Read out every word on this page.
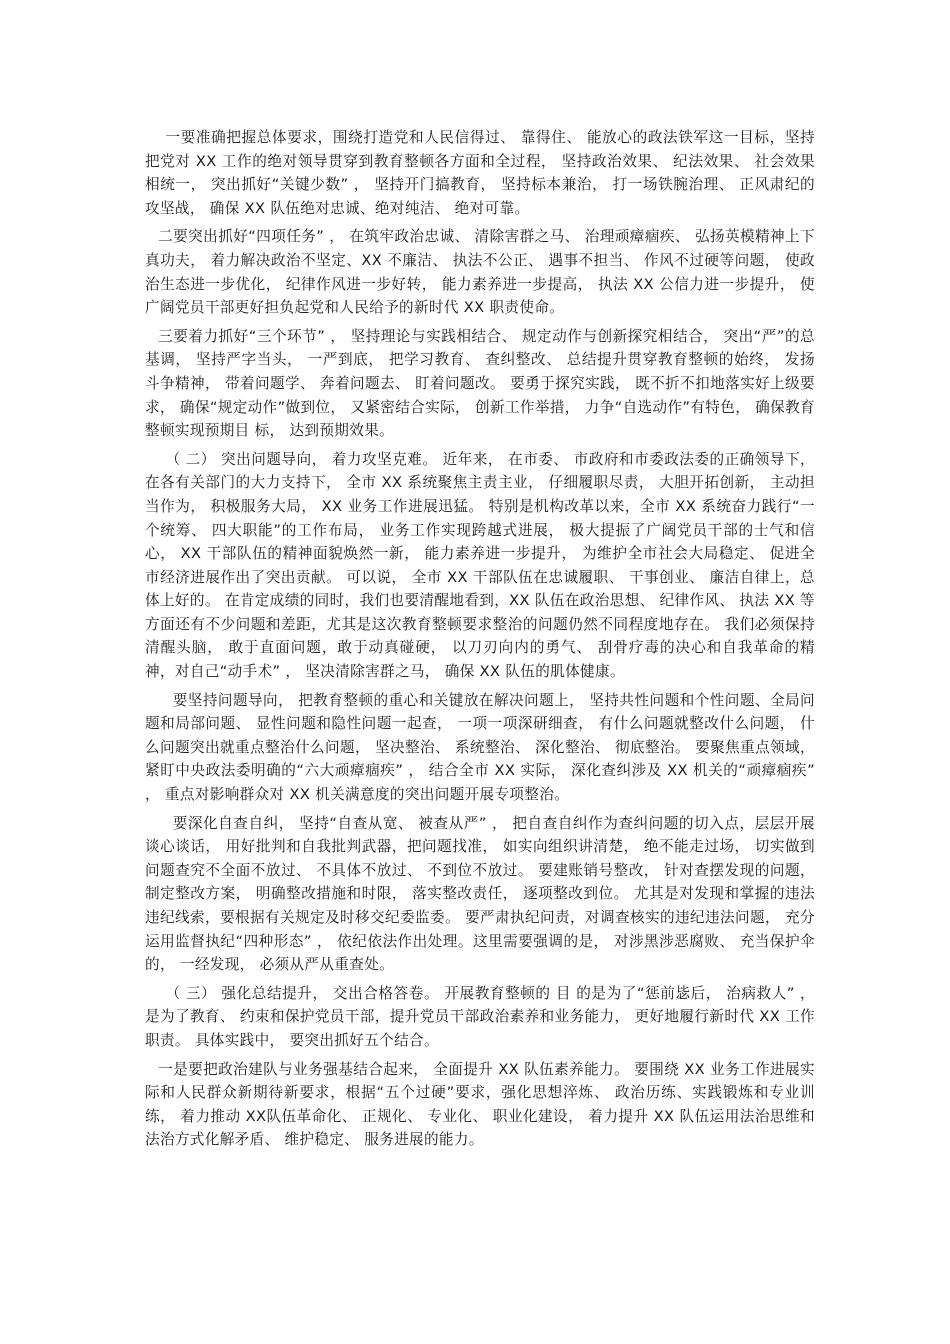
一要准确把握总体要求，围绕打造党和人民信得过、 靠得住、 能放心的政法铁军这一目标，坚持把党对 XX 工作的绝对领导贯穿到教育整顿各方面和全过程， 坚持政治效果、 纪法效果、 社会效果相统一， 突出抓好“关键少数” ， 坚持开门搞教育， 坚持标本兼治， 打一场铁腕治理、 正风肃纪的攻坚战， 确保 XX 队伍绝对忠诚、绝对纯洁、 绝对可靠。

二要突出抓好“四项任务” ， 在筑牢政治忠诚、 清除害群之马、 治理顽瘴痼疾、 弘扬英模精神上下真功夫， 着力解决政治不坚定、XX 不廉洁、 执法不公正、 遇事不担当、 作风不过硬等问题， 使政治生态进一步优化， 纪律作风进一步好转， 能力素养进一步提高， 执法 XX 公信力进一步提升， 使广阔党员干部更好担负起党和人民给予的新时代 XX 职责使命。

三要着力抓好“三个环节” ， 坚持理论与实践相结合、 规定动作与创新探究相结合， 突出“严”的总基调， 坚持严字当头， 一严到底， 把学习教育、 查纠整改、 总结提升贯穿教育整顿的始终， 发扬斗争精神， 带着问题学、 奔着问题去、 盯着问题改。 要勇于探究实践， 既不折不扣地落实好上级要求， 确保“规定动作”做到位， 又紧密结合实际， 创新工作举措， 力争“自选动作”有特色， 确保教育整顿实现预期目 标， 达到预期效果。

（ 二） 突出问题导向， 着力攻坚克难。 近年来， 在市委、 市政府和市委政法委的正确领导下， 在各有关部门的大力支持下， 全市 XX 系统聚焦主责主业， 仔细履职尽责， 大胆开拓创新， 主动担当作为， 积极服务大局， XX 业务工作进展迅猛。 特别是机构改革以来，全市 XX 系统奋力践行“一个统筹、 四大职能”的工作布局， 业务工作实现跨越式进展， 极大提振了广阔党员干部的士气和信心， XX 干部队伍的精神面貌焕然一新， 能力素养进一步提升， 为维护全市社会大局稳定、 促进全市经济进展作出了突出贡献。 可以说， 全市 XX 干部队伍在忠诚履职、 干事创业、 廉洁自律上，总体上好的。 在肯定成绩的同时，我们也要清醒地看到，XX 队伍在政治思想、 纪律作风、 执法 XX 等方面还有不少问题和差距，尤其是这次教育整顿要求整治的问题仍然不同程度地存在。 我们必须保持清醒头脑， 敢于直面问题，敢于动真碰硬， 以刀刃向内的勇气、 刮骨疗毒的决心和自我革命的精神，对自己“动手术” ， 坚决清除害群之马， 确保 XX 队伍的肌体健康。

要坚持问题导向， 把教育整顿的重心和关键放在解决问题上， 坚持共性问题和个性问题、全局问题和局部问题、 显性问题和隐性问题一起查， 一项一项深研细查， 有什么问题就整改什么问题， 什么问题突出就重点整治什么问题， 坚决整治、 系统整治、 深化整治、 彻底整治。 要聚焦重点领域， 紧盯中央政法委明确的“六大顽瘴痼疾” ， 结合全市 XX 实际， 深化查纠涉及 XX 机关的“顽瘴痼疾” ， 重点对影响群众对 XX 机关满意度的突出问题开展专项整治。

要深化自查自纠， 坚持“自查从宽、 被查从严” ， 把自查自纠作为查纠问题的切入点，层层开展谈心谈话， 用好批判和自我批判武器，把问题找准， 如实向组织讲清楚， 绝不能走过场， 切实做到问题查究不全面不放过、 不具体不放过、 不到位不放过。 要建账销号整改， 针对查摆发现的问题， 制定整改方案， 明确整改措施和时限， 落实整改责任， 逐项整改到位。 尤其是对发现和掌握的违法违纪线索，要根据有关规定及时移交纪委监委。 要严肃执纪问责，对调查核实的违纪违法问题， 充分运用监督执纪“四种形态” ， 依纪依法作出处理。这里需要强调的是， 对涉黑涉恶腐败、 充当保护伞的， 一经发现， 必须从严从重查处。

（ 三） 强化总结提升， 交出合格答卷。 开展教育整顿的 目 的是为了“惩前毖后， 治病救人” ， 是为了教育、 约束和保护党员干部，提升党员干部政治素养和业务能力， 更好地履行新时代 XX 工作职责。 具体实践中， 要突出抓好五个结合。

一是要把政治建队与业务强基结合起来， 全面提升 XX 队伍素养能力。 要围绕 XX 业务工作进展实际和人民群众新期待新要求，根据“五个过硬”要求，强化思想淬炼、 政治历练、实践锻炼和专业训练， 着力推动 XX队伍革命化、 正规化、 专业化、 职业化建设， 着力提升 XX 队伍运用法治思维和法治方式化解矛盾、 维护稳定、 服务进展的能力。
